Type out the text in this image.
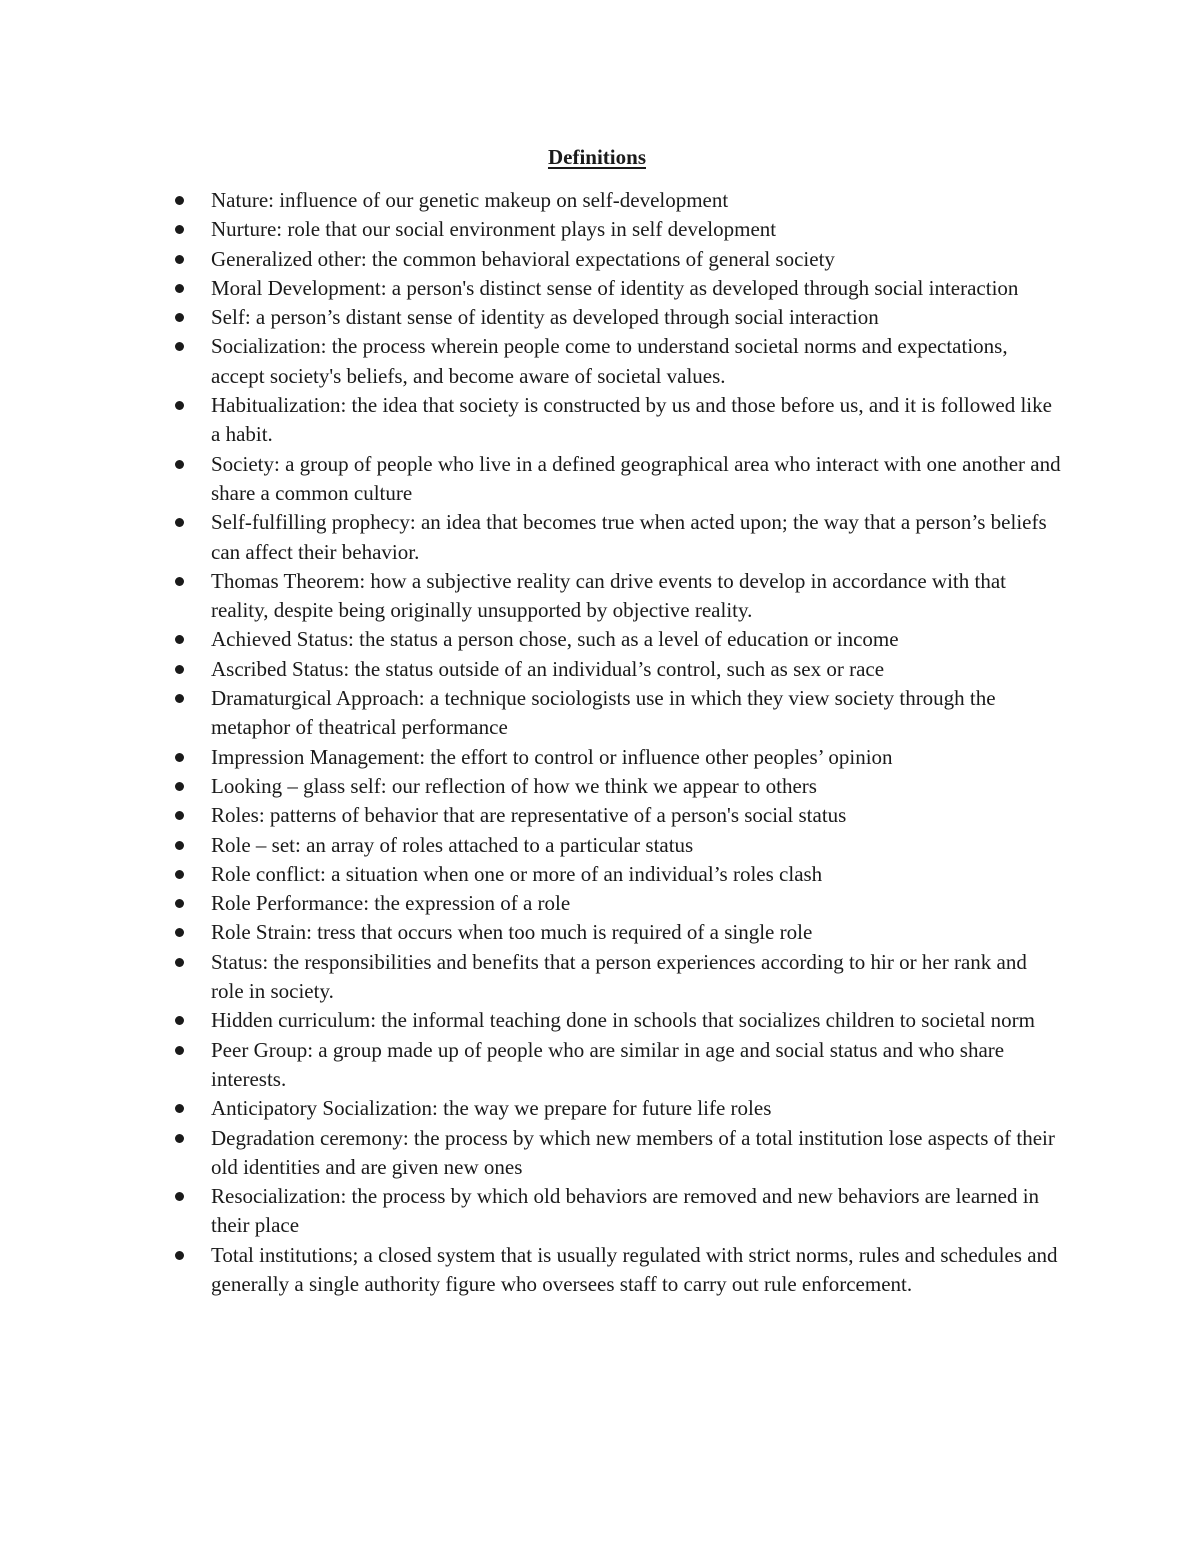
Definitions
Nature: influence of our genetic makeup on self-development
Nurture: role that our social environment plays in self development
Generalized other: the common behavioral expectations of general society
Moral Development: a person's distinct sense of identity as developed through social interaction
Self: a person’s distant sense of identity as developed through social interaction
Socialization: the process wherein people come to understand societal norms and expectations, accept society's beliefs, and become aware of societal values.
Habitualization: the idea that society is constructed by us and those before us, and it is followed like a habit.
Society: a group of people who live in a defined geographical area who interact with one another and share a common culture
Self-fulfilling prophecy: an idea that becomes true when acted upon; the way that a person’s beliefs can affect their behavior.
Thomas Theorem: how a subjective reality can drive events to develop in accordance with that reality, despite being originally unsupported by objective reality.
Achieved Status: the status a person chose, such as a level of education or income
Ascribed Status: the status outside of an individual’s control, such as sex or race
Dramaturgical Approach: a technique sociologists use in which they view society through the metaphor of theatrical performance
Impression Management: the effort to control or influence other peoples’ opinion
Looking – glass self: our reflection of how we think we appear to others
Roles: patterns of behavior that are representative of a person's social status
Role – set: an array of roles attached to a particular status
Role conflict: a situation when one or more of an individual’s roles clash
Role Performance: the expression of a role
Role Strain: tress that occurs when too much is required of a single role
Status: the responsibilities and benefits that a person experiences according to hir or her rank and role in society.
Hidden curriculum: the informal teaching done in schools that socializes children to societal norm
Peer Group: a group made up of people who are similar in age and social status and who share interests.
Anticipatory Socialization: the way we prepare for future life roles
Degradation ceremony: the process by which new members of a total institution lose aspects of their old identities and are given new ones
Resocialization: the process by which old behaviors are removed and new behaviors are learned in their place
Total institutions; a closed system that is usually regulated with strict norms, rules and schedules and generally a single authority figure who oversees staff to carry out rule enforcement.
